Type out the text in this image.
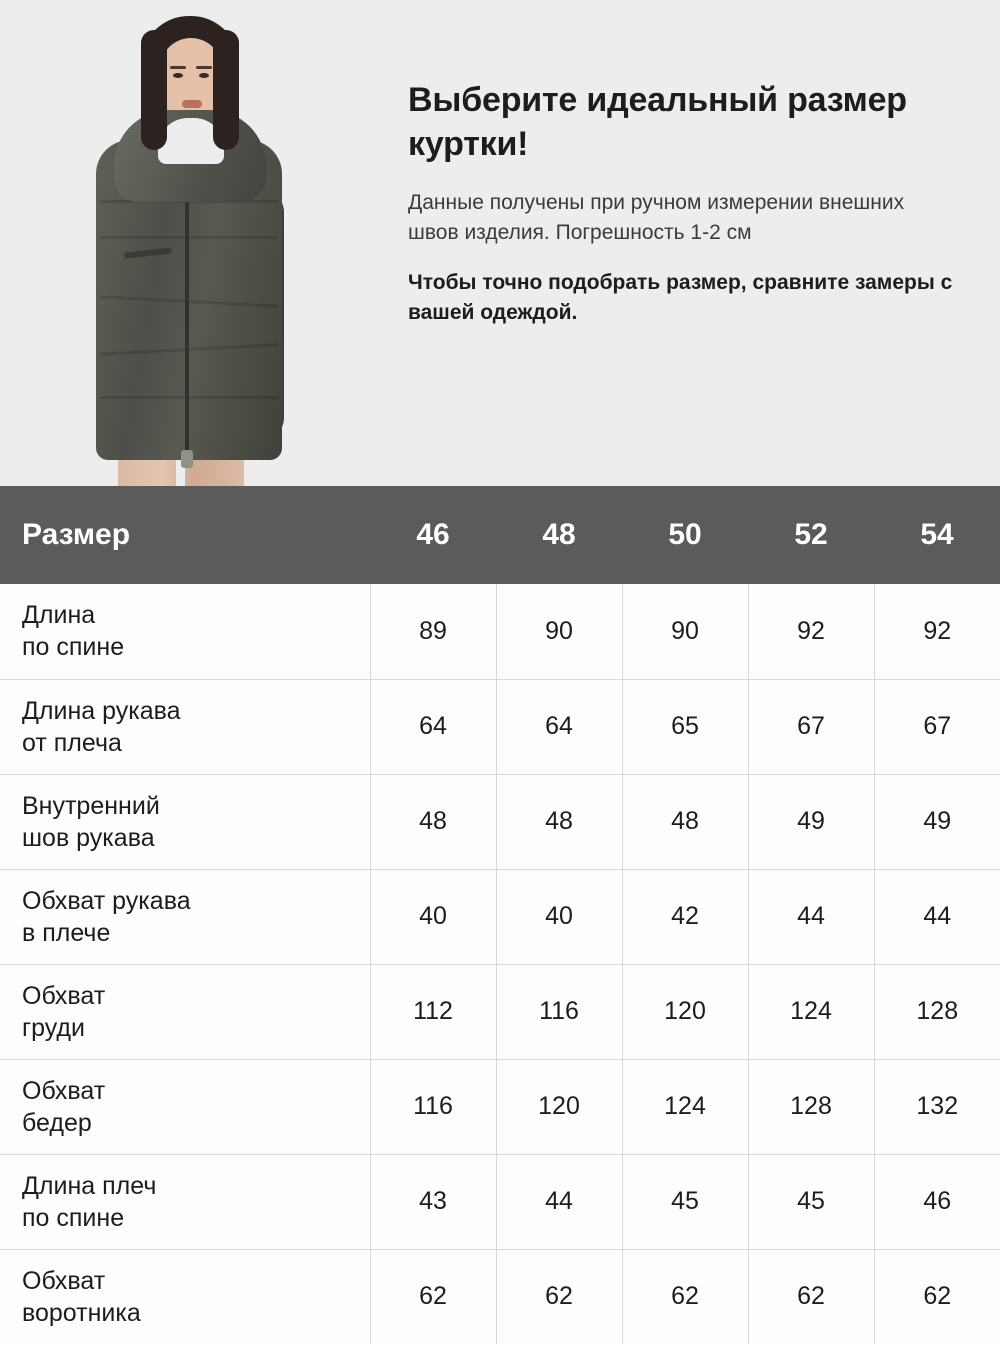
Выберите идеальный размер куртки!

Данные получены при ручном измерении внешних швов изделия. Погрешность 1-2 см

Чтобы точно подобрать размер, сравните замеры с вашей одеждой.

Размер	46	48	50	52	54
Длина
по спине	89	90	90	92	92
Длина рукава
от плеча	64	64	65	67	67
Внутренний
шов рукава	48	48	48	49	49
Обхват рукава
в плече	40	40	42	44	44
Обхват
груди	112	116	120	124	128
Обхват
бедер	116	120	124	128	132
Длина плеч
по спине	43	44	45	45	46
Обхват
воротника	62	62	62	62	62
